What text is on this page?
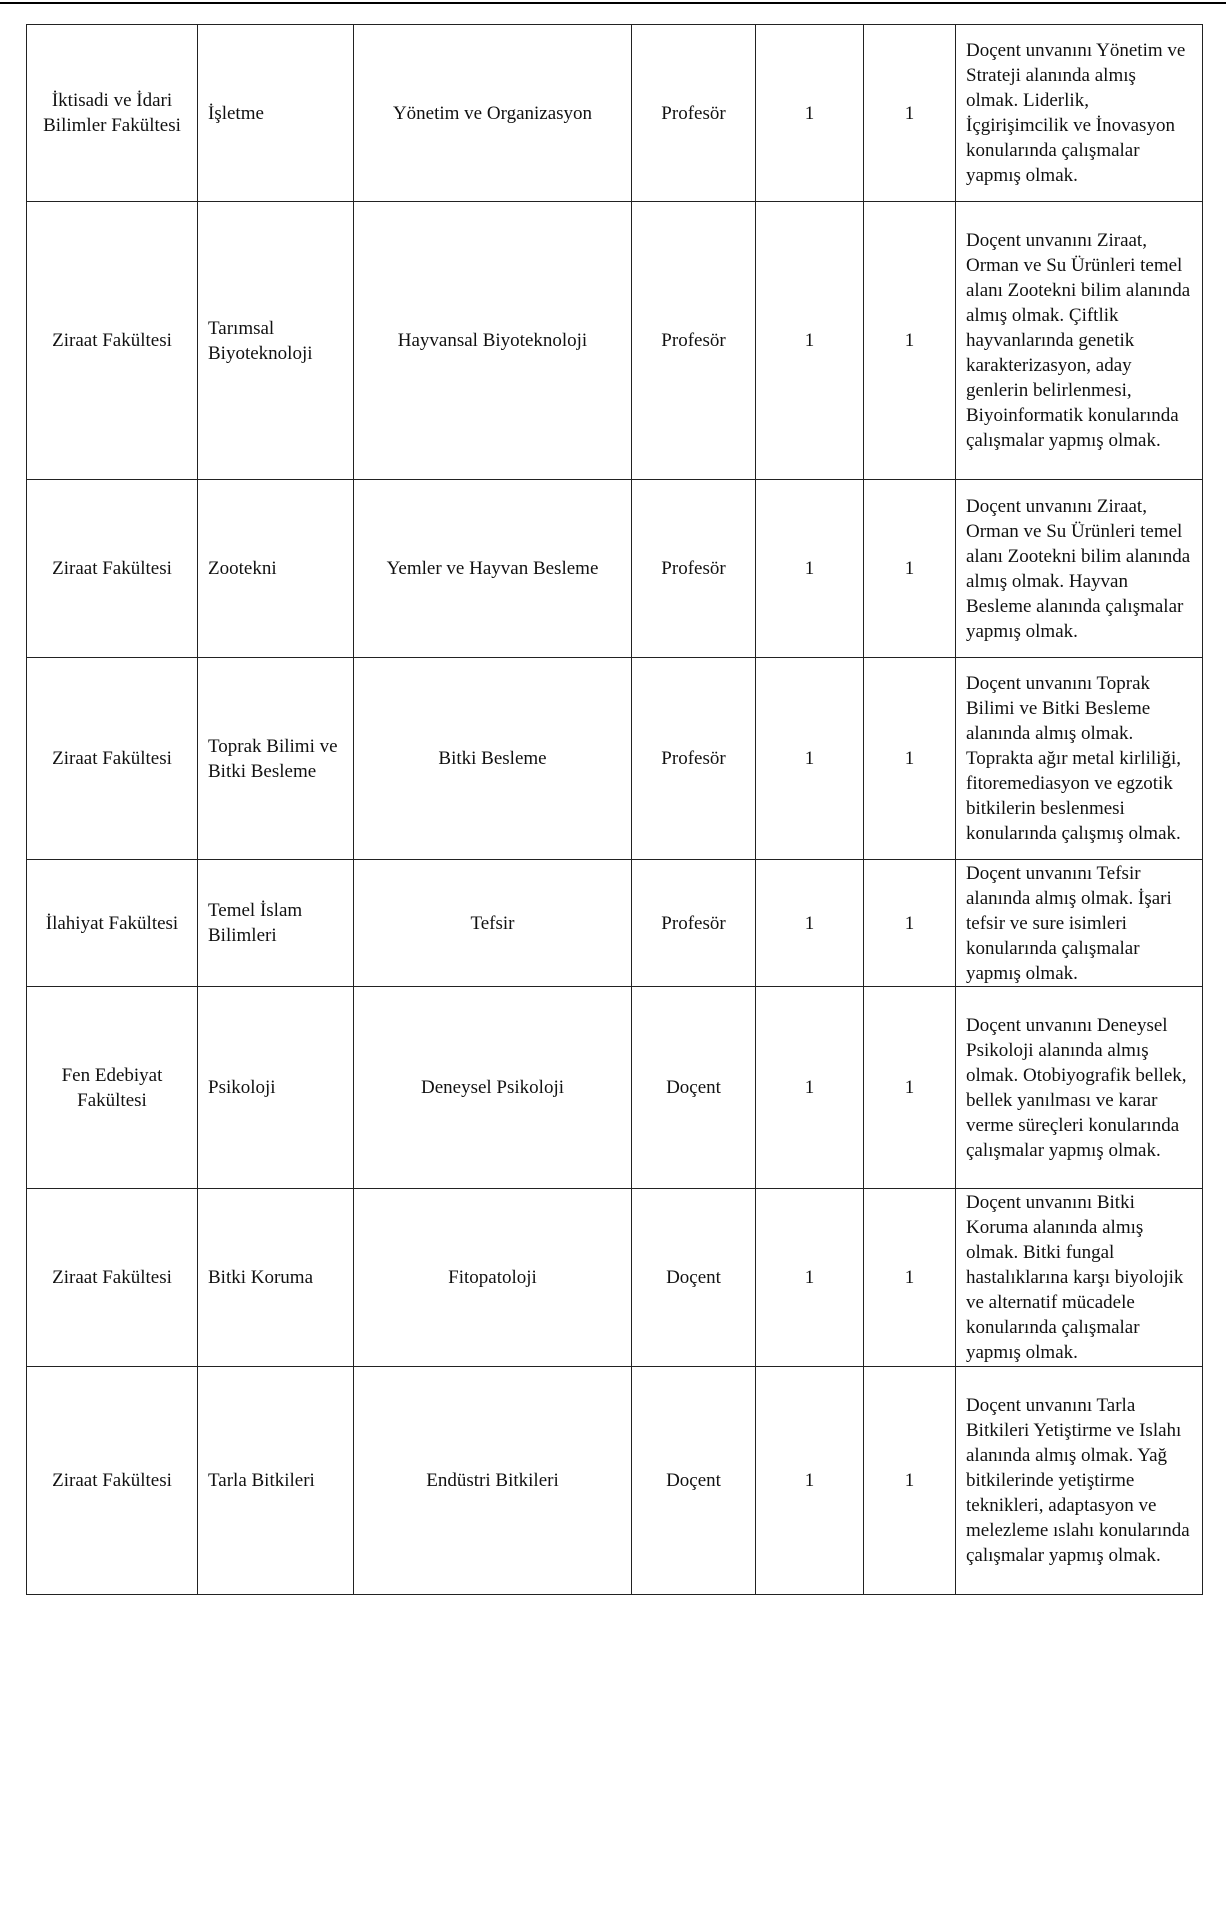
İktisadi ve İdari Bilimler Fakültesi	İşletme	Yönetim ve Organizasyon	Profesör	1	1	Doçent unvanını Yönetim ve Strateji alanında almış olmak. Liderlik, İçgirişimcilik ve İnovasyon konularında çalışmalar yapmış olmak.
Ziraat Fakültesi	Tarımsal Biyoteknoloji	Hayvansal Biyoteknoloji	Profesör	1	1	Doçent unvanını Ziraat, Orman ve Su Ürünleri temel alanı Zootekni bilim alanında almış olmak. Çiftlik hayvanlarında genetik karakterizasyon, aday genlerin belirlenmesi, Biyoinformatik konularında çalışmalar yapmış olmak.
Ziraat Fakültesi	Zootekni	Yemler ve Hayvan Besleme	Profesör	1	1	Doçent unvanını Ziraat, Orman ve Su Ürünleri temel alanı Zootekni bilim alanında almış olmak. Hayvan Besleme alanında çalışmalar yapmış olmak.
Ziraat Fakültesi	Toprak Bilimi ve Bitki Besleme	Bitki Besleme	Profesör	1	1	Doçent unvanını Toprak Bilimi ve Bitki Besleme alanında almış olmak. Toprakta ağır metal kirliliği, fitoremediasyon ve egzotik bitkilerin beslenmesi konularında çalışmış olmak.
İlahiyat Fakültesi	Temel İslam Bilimleri	Tefsir	Profesör	1	1	Doçent unvanını Tefsir alanında almış olmak. İşari tefsir ve sure isimleri konularında çalışmalar yapmış olmak.
Fen Edebiyat Fakültesi	Psikoloji	Deneysel Psikoloji	Doçent	1	1	Doçent unvanını Deneysel Psikoloji alanında almış olmak. Otobiyografik bellek, bellek yanılması ve karar verme süreçleri konularında çalışmalar yapmış olmak.
Ziraat Fakültesi	Bitki Koruma	Fitopatoloji	Doçent	1	1	Doçent unvanını Bitki Koruma alanında almış olmak. Bitki fungal hastalıklarına karşı biyolojik ve alternatif mücadele konularında çalışmalar yapmış olmak.
Ziraat Fakültesi	Tarla Bitkileri	Endüstri Bitkileri	Doçent	1	1	Doçent unvanını Tarla Bitkileri Yetiştirme ve Islahı alanında almış olmak. Yağ bitkilerinde yetiştirme teknikleri, adaptasyon ve melezleme ıslahı konularında çalışmalar yapmış olmak.
